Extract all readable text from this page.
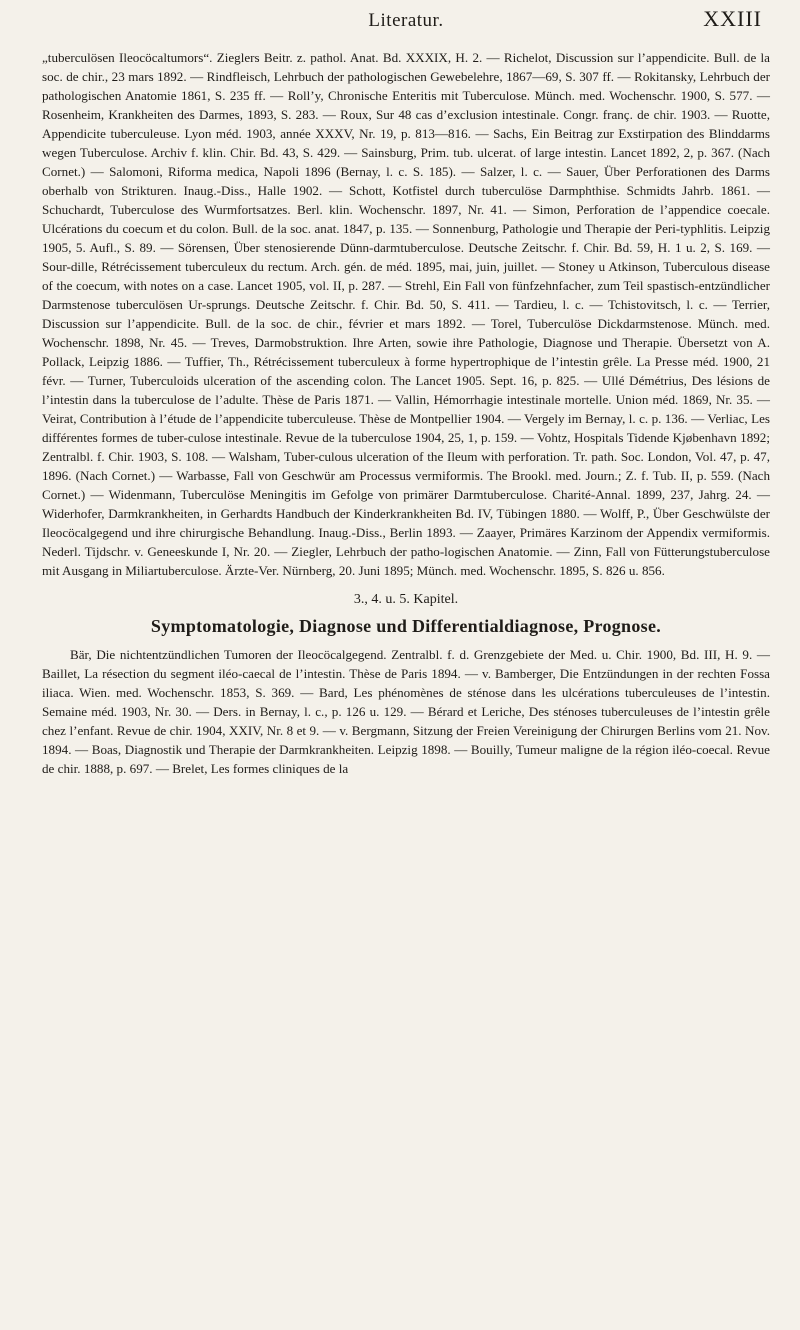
Literatur.	XXIII

„tuberculösen Ileocöcaltumors“. Zieglers Beitr. z. pathol. Anat. Bd. XXXIX, H. 2. — Richelot, Discussion sur l’appendicite. Bull. de la soc. de chir., 23 mars 1892. — Rindfleisch, Lehrbuch der pathologischen Gewebelehre, 1867—69, S. 307 ff. — Rokitansky, Lehrbuch der pathologischen Anatomie 1861, S. 235 ff. — Roll’y, Chronische Enteritis mit Tuberculose. Münch. med. Wochenschr. 1900, S. 577. — Rosenheim, Krankheiten des Darmes, 1893, S. 283. — Roux, Sur 48 cas d’exclusion intestinale. Congr. franç. de chir. 1903. — Ruotte, Appendicite tuberculeuse. Lyon méd. 1903, année XXXV, Nr. 19, p. 813—816. — Sachs, Ein Beitrag zur Exstirpation des Blinddarms wegen Tuberculose. Archiv f. klin. Chir. Bd. 43, S. 429. — Sainsburg, Prim. tub. ulcerat. of large intestin. Lancet 1892, 2, p. 367. (Nach Cornet.) — Salomoni, Riforma medica, Napoli 1896 (Bernay, l. c. S. 185). — Salzer, l. c. — Sauer, Über Perforationen des Darms oberhalb von Strikturen. Inaug.-Diss., Halle 1902. — Schott, Kotfistel durch tuberculöse Darmphthise. Schmidts Jahrb. 1861. — Schuchardt, Tuberculose des Wurmfortsatzes. Berl. klin. Wochenschr. 1897, Nr. 41. — Simon, Perforation de l’appendice coecale. Ulcérations du coecum et du colon. Bull. de la soc. anat. 1847, p. 135. — Sonnenburg, Pathologie und Therapie der Peri-typhlitis. Leipzig 1905, 5. Aufl., S. 89. — Sörensen, Über stenosierende Dünn-darmtuberculose. Deutsche Zeitschr. f. Chir. Bd. 59, H. 1 u. 2, S. 169. — Sour-dille, Rétrécissement tuberculeux du rectum. Arch. gén. de méd. 1895, mai, juin, juillet. — Stoney u Atkinson, Tuberculous disease of the coecum, with notes on a case. Lancet 1905, vol. II, p. 287. — Strehl, Ein Fall von fünfzehnfacher, zum Teil spastisch-entzündlicher Darmstenose tuberculösen Ur-sprungs. Deutsche Zeitschr. f. Chir. Bd. 50, S. 411. — Tardieu, l. c. — Tchistovitsch, l. c. — Terrier, Discussion sur l’appendicite. Bull. de la soc. de chir., février et mars 1892. — Torel, Tuberculöse Dickdarmstenose. Münch. med. Wochenschr. 1898, Nr. 45. — Treves, Darmobstruktion. Ihre Arten, sowie ihre Pathologie, Diagnose und Therapie. Übersetzt von A. Pollack, Leipzig 1886. — Tuffier, Th., Rétrécissement tuberculeux à forme hypertrophique de l’intestin grêle. La Presse méd. 1900, 21 févr. — Turner, Tuberculoids ulceration of the ascending colon. The Lancet 1905. Sept. 16, p. 825. — Ullé Démétrius, Des lésions de l’intestin dans la tuberculose de l’adulte. Thèse de Paris 1871. — Vallin, Hémorrhagie intestinale mortelle. Union méd. 1869, Nr. 35. — Veirat, Contribution à l’étude de l’appendicite tuberculeuse. Thèse de Montpellier 1904. — Vergely im Bernay, l. c. p. 136. — Verliac, Les différentes formes de tuber-culose intestinale. Revue de la tuberculose 1904, 25, 1, p. 159. — Vohtz, Hospitals Tidende Kjøbenhavn 1892; Zentralbl. f. Chir. 1903, S. 108. — Walsham, Tuber-culous ulceration of the Ileum with perforation. Tr. path. Soc. London, Vol. 47, p. 47, 1896. (Nach Cornet.) — Warbasse, Fall von Geschwür am Processus vermiformis. The Brookl. med. Journ.; Z. f. Tub. II, p. 559. (Nach Cornet.) — Widenmann, Tuberculöse Meningitis im Gefolge von primärer Darmtuberculose. Charité-Annal. 1899, 237, Jahrg. 24. — Widerhofer, Darmkrankheiten, in Gerhardts Handbuch der Kinderkrankheiten Bd. IV, Tübingen 1880. — Wolff, P., Über Geschwülste der Ileocöcalgegend und ihre chirurgische Behandlung. Inaug.-Diss., Berlin 1893. — Zaayer, Primäres Karzinom der Appendix vermiformis. Nederl. Tijdschr. v. Geneeskunde I, Nr. 20. — Ziegler, Lehrbuch der patho-logischen Anatomie. — Zinn, Fall von Fütterungstuberculose mit Ausgang in Miliartuberculose. Ärzte-Ver. Nürnberg, 20. Juni 1895; Münch. med. Wochenschr. 1895, S. 826 u. 856.

3., 4. u. 5. Kapitel.
Symptomatologie, Diagnose und Differentialdiagnose, Prognose.

Bär, Die nichtentzündlichen Tumoren der Ileocöcalgegend. Zentralbl. f. d. Grenzgebiete der Med. u. Chir. 1900, Bd. III, H. 9. — Baillet, La résection du segment iléo-caecal de l’intestin. Thèse de Paris 1894. — v. Bamberger, Die Entzündungen in der rechten Fossa iliaca. Wien. med. Wochenschr. 1853, S. 369. — Bard, Les phénomènes de sténose dans les ulcérations tuberculeuses de l’intestin. Semaine méd. 1903, Nr. 30. — Ders. in Bernay, l. c., p. 126 u. 129. — Bérard et Leriche, Des sténoses tuberculeuses de l’intestin grêle chez l’enfant. Revue de chir. 1904, XXIV, Nr. 8 et 9. — v. Bergmann, Sitzung der Freien Vereinigung der Chirurgen Berlins vom 21. Nov. 1894. — Boas, Diagnostik und Therapie der Darmkrankheiten. Leipzig 1898. — Bouilly, Tumeur maligne de la région iléo-coecal. Revue de chir. 1888, p. 697. — Brelet, Les formes cliniques de la
